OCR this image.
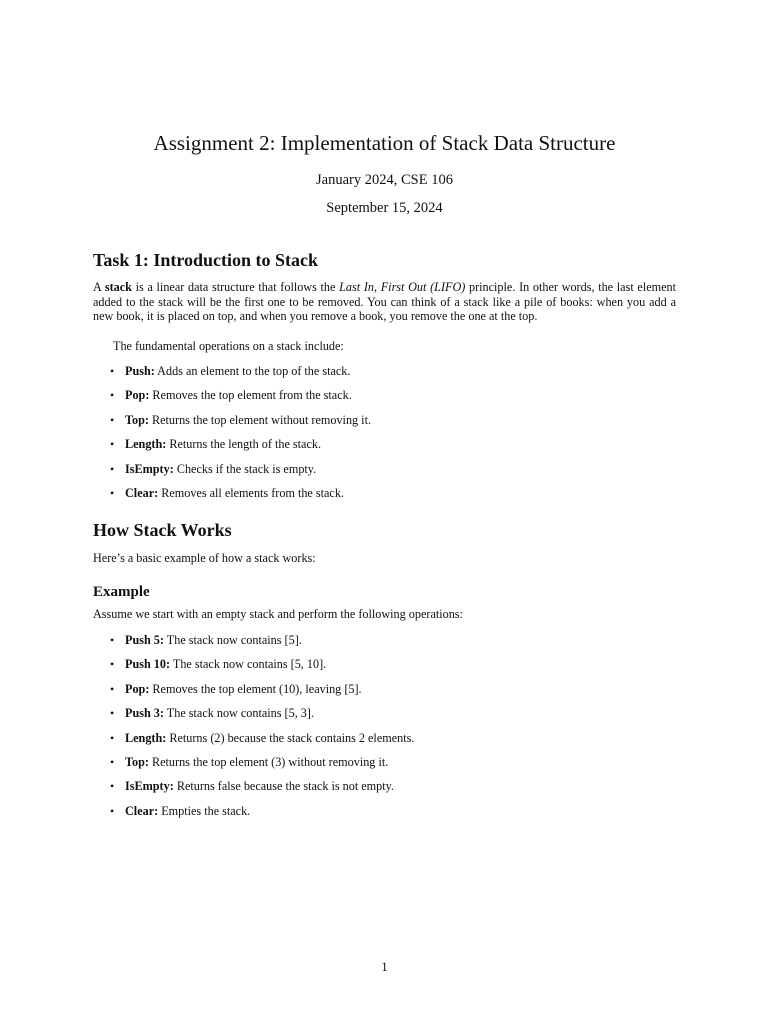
Assignment 2: Implementation of Stack Data Structure

January 2024, CSE 106

September 15, 2024

Task 1: Introduction to Stack

A stack is a linear data structure that follows the Last In, First Out (LIFO) principle. In other words, the last element added to the stack will be the first one to be removed. You can think of a stack like a pile of books: when you add a new book, it is placed on top, and when you remove a book, you remove the one at the top.

The fundamental operations on a stack include:

• Push: Adds an element to the top of the stack.
• Pop: Removes the top element from the stack.
• Top: Returns the top element without removing it.
• Length: Returns the length of the stack.
• IsEmpty: Checks if the stack is empty.
• Clear: Removes all elements from the stack.
How Stack Works

Here’s a basic example of how a stack works:

Example

Assume we start with an empty stack and perform the following operations:

• Push 5: The stack now contains [5].
• Push 10: The stack now contains [5, 10].
• Pop: Removes the top element (10), leaving [5].
• Push 3: The stack now contains [5, 3].
• Length: Returns (2) because the stack contains 2 elements.
• Top: Returns the top element (3) without removing it.
• IsEmpty: Returns false because the stack is not empty.
• Clear: Empties the stack.
1
